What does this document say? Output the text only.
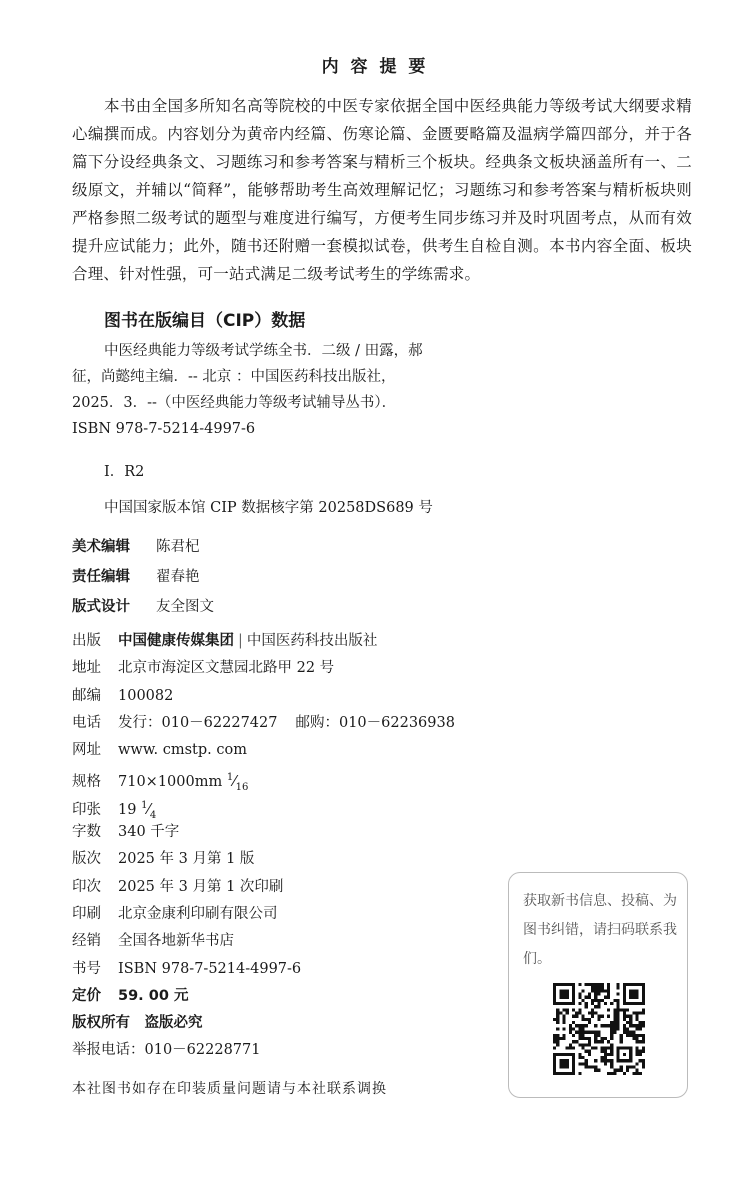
内 容 提 要
本书由全国多所知名高等院校的中医专家依据全国中医经典能力等级考试大纲要求精心编撰而成。内容划分为黄帝内经篇、伤寒论篇、金匮要略篇及温病学篇四部分，并于各篇下分设经典条文、习题练习和参考答案与精析三个板块。经典条文板块涵盖所有一、二级原文，并辅以“简释”，能够帮助考生高效理解记忆；习题练习和参考答案与精析板块则严格参照二级考试的题型与难度进行编写，方便考生同步练习并及时巩固考点，从而有效提升应试能力；此外，随书还附赠一套模拟试卷，供考生自检自测。本书内容全面、板块合理、针对性强，可一站式满足二级考试考生的学练需求。
图书在版编目（CIP）数据
中医经典能力等级考试学练全书．二级 / 田露，郝
征，尚懿纯主编．-- 北京 ：中国医药科技出版社，
2025．3．--（中医经典能力等级考试辅导丛书）．
ISBN 978-7-5214-4997-6
Ⅰ．R2
中国国家版本馆 CIP 数据核字第 20258DS689 号
美术编辑 陈君杞
责任编辑 翟春艳
版式设计 友全图文
出版 中国健康传媒集团 | 中国医药科技出版社
地址 北京市海淀区文慧园北路甲 22 号
邮编 100082
电话 发行：010－62227427 邮购：010－62236938
网址 www. cmstp. com
规格 710×1000mm $^1⁄_{16}$
印张 19 $^1⁄_4$
字数 340 千字
版次 2025 年 3 月第 1 版
印次 2025 年 3 月第 1 次印刷
印刷 北京金康利印刷有限公司
经销 全国各地新华书店
书号 ISBN 978-7-5214-4997-6
定价 59. 00 元
版权所有　盗版必究
举报电话：010－62228771
本社图书如存在印装质量问题请与本社联系调换
获取新书信息、投稿、为图书纠错，请扫码联系我们。
